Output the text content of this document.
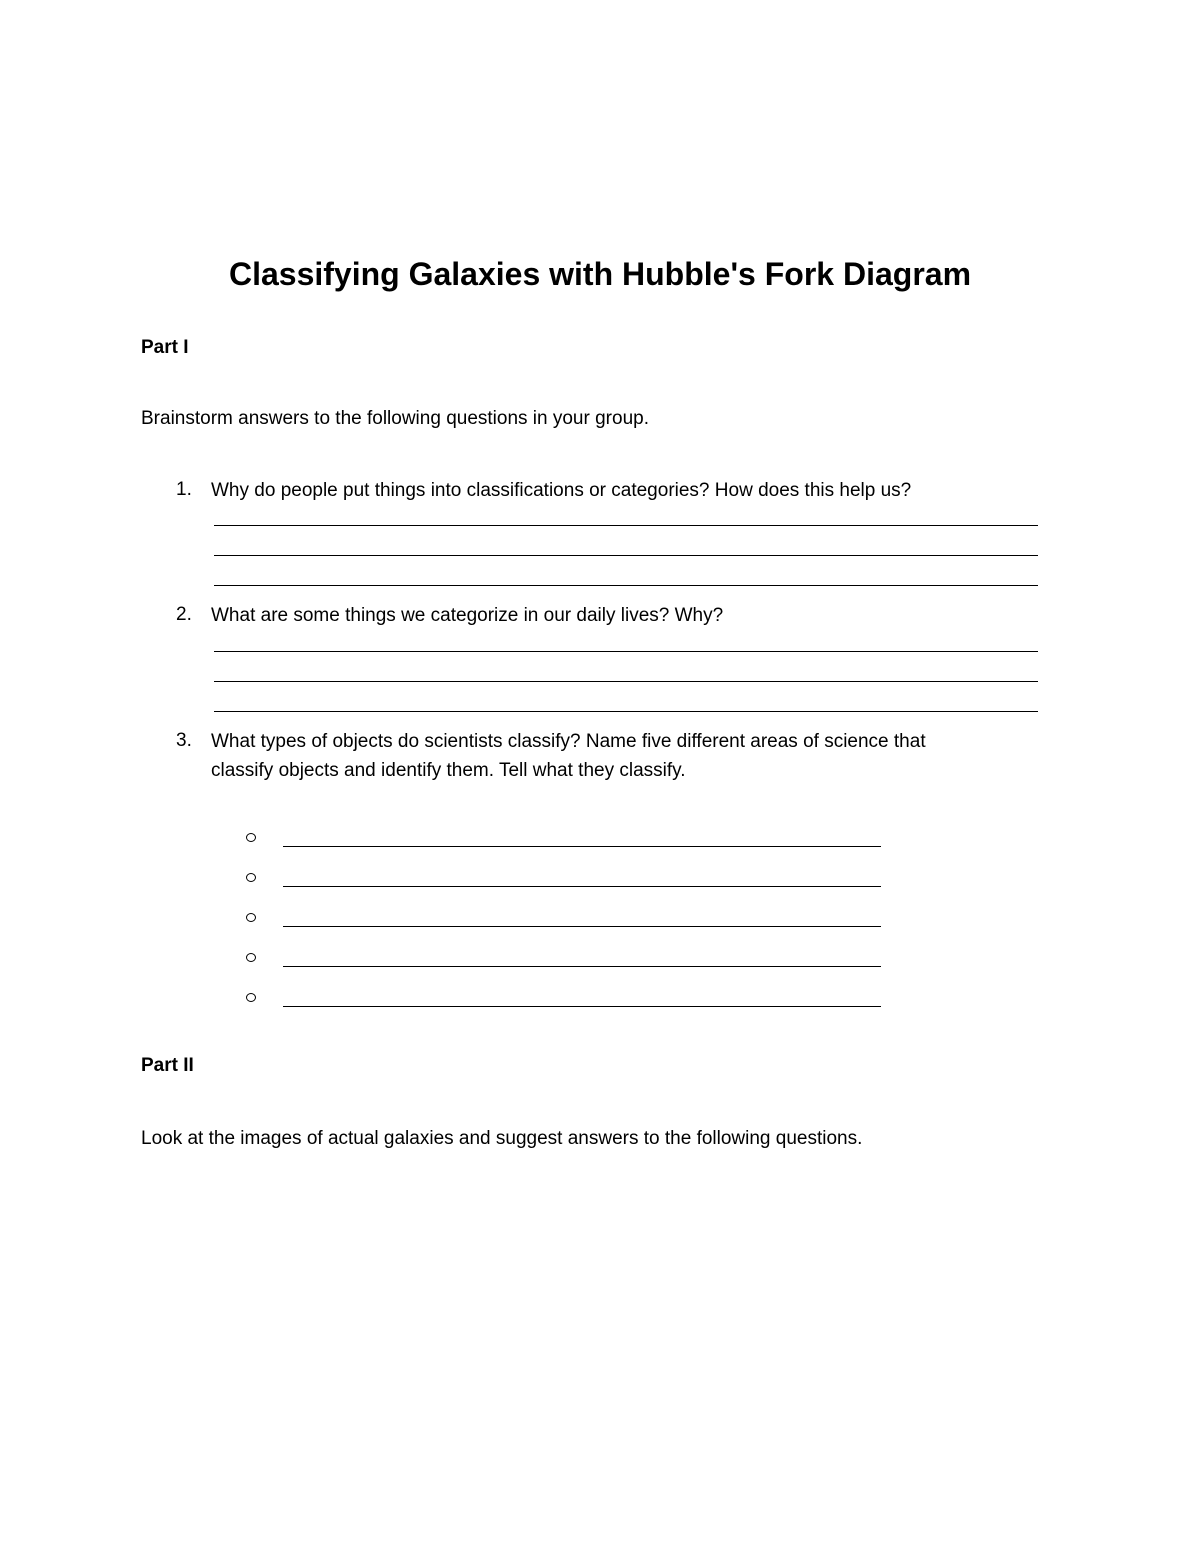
Classifying Galaxies with Hubble's Fork Diagram
Part I
Brainstorm answers to the following questions in your group.
1. Why do people put things into classifications or categories? How does this help us?
2. What are some things we categorize in our daily lives? Why?
3. What types of objects do scientists classify? Name five different areas of science that
classify objects and identify them. Tell what they classify.
Part II
Look at the images of actual galaxies and suggest answers to the following questions.
